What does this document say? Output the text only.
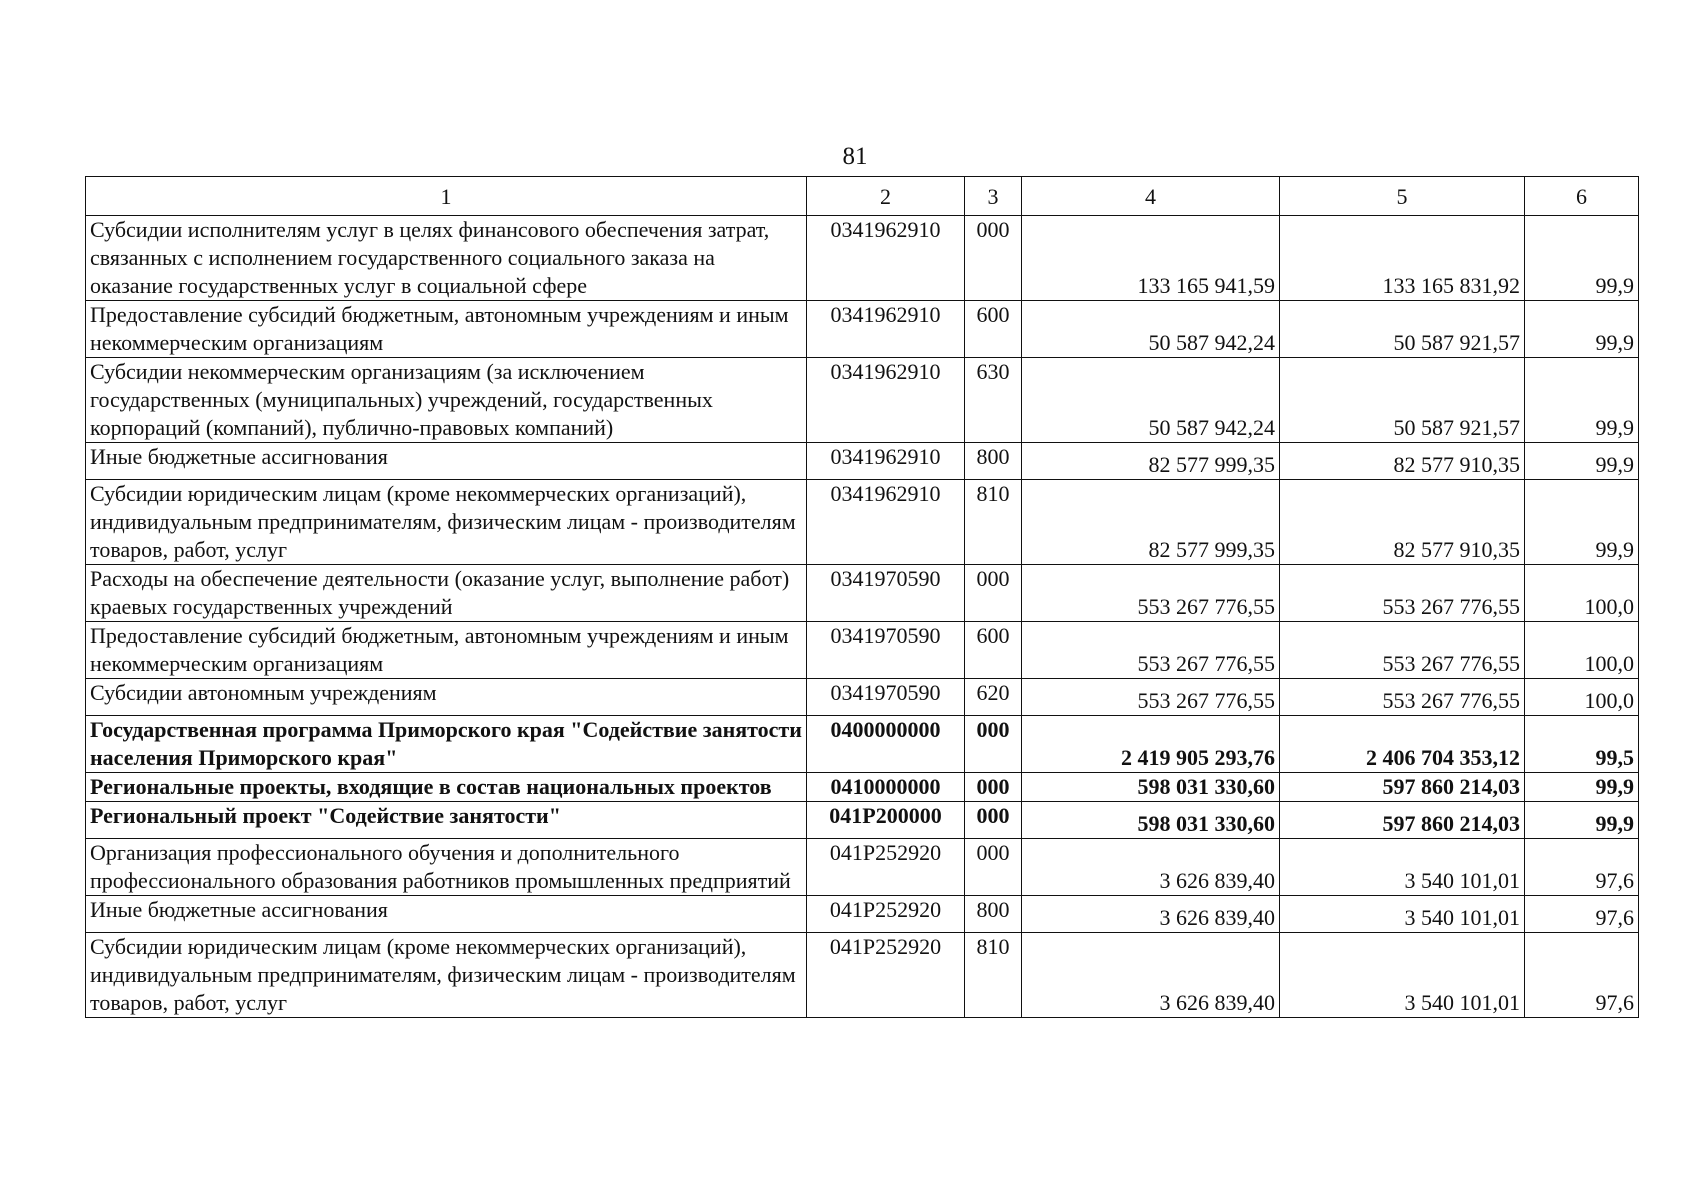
81
1	2	3	4	5	6
Субсидии исполнителям услуг в целях финансового обеспечения затрат, связанных с исполнением государственного социального заказа на оказание государственных услуг в социальной сфере	0341962910	000	133 165 941,59	133 165 831,92	99,9
Предоставление субсидий бюджетным, автономным учреждениям и иным некоммерческим организациям	0341962910	600	50 587 942,24	50 587 921,57	99,9
Субсидии некоммерческим организациям (за исключением государственных (муниципальных) учреждений, государственных корпораций (компаний), публично-правовых компаний)	0341962910	630	50 587 942,24	50 587 921,57	99,9
Иные бюджетные ассигнования	0341962910	800	82 577 999,35	82 577 910,35	99,9
Субсидии юридическим лицам (кроме некоммерческих организаций), индивидуальным предпринимателям, физическим лицам - производителям товаров, работ, услуг	0341962910	810	82 577 999,35	82 577 910,35	99,9
Расходы на обеспечение деятельности (оказание услуг, выполнение работ) краевых государственных учреждений	0341970590	000	553 267 776,55	553 267 776,55	100,0
Предоставление субсидий бюджетным, автономным учреждениям и иным некоммерческим организациям	0341970590	600	553 267 776,55	553 267 776,55	100,0
Субсидии автономным учреждениям	0341970590	620	553 267 776,55	553 267 776,55	100,0
Государственная программа Приморского края "Содействие занятости населения Приморского края"	0400000000	000	2 419 905 293,76	2 406 704 353,12	99,5
Региональные проекты, входящие в состав национальных проектов	0410000000	000	598 031 330,60	597 860 214,03	99,9
Региональный проект "Содействие занятости"	041P200000	000	598 031 330,60	597 860 214,03	99,9
Организация профессионального обучения и дополнительного профессионального образования работников промышленных предприятий	041P252920	000	3 626 839,40	3 540 101,01	97,6
Иные бюджетные ассигнования	041P252920	800	3 626 839,40	3 540 101,01	97,6
Субсидии юридическим лицам (кроме некоммерческих организаций), индивидуальным предпринимателям, физическим лицам - производителям товаров, работ, услуг	041P252920	810	3 626 839,40	3 540 101,01	97,6
